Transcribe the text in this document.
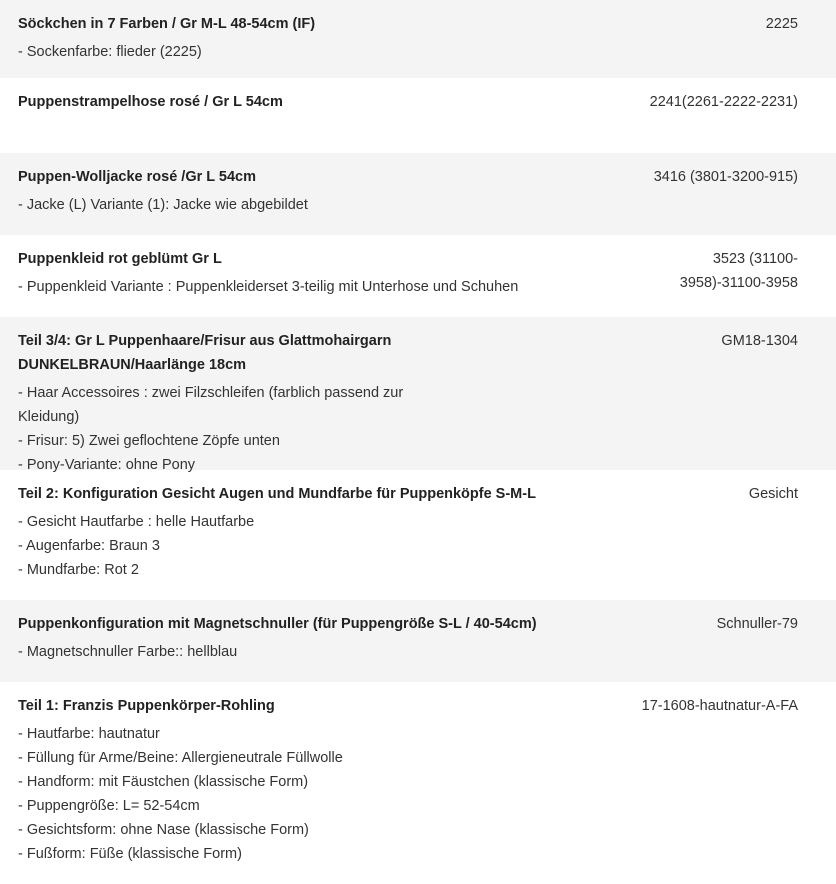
Söckchen in 7 Farben / Gr M-L 48-54cm (IF)
- Sockenfarbe: flieder (2225)
2225
Puppenstrampelhose rosé / Gr L 54cm	2241(2261-2222-2231)
Puppen-Wolljacke rosé /Gr L 54cm
- Jacke (L) Variante (1): Jacke wie abgebildet
3416 (3801-3200-915)
Puppenkleid rot geblümt Gr L
- Puppenkleid Variante : Puppenkleiderset 3-teilig mit Unterhose und Schuhen
3523 (31100-3958)-31100-3958
Teil 3/4: Gr L Puppenhaare/Frisur aus Glattmohairgarn DUNKELBRAUN/Haarlänge 18cm
- Haar Accessoires : zwei Filzschleifen (farblich passend zur Kleidung)
- Frisur: 5) Zwei geflochtene Zöpfe unten
- Pony-Variante: ohne Pony
GM18-1304
Teil 2: Konfiguration Gesicht Augen und Mundfarbe für Puppenköpfe S-M-L
- Gesicht Hautfarbe : helle Hautfarbe
- Augenfarbe: Braun 3
- Mundfarbe: Rot 2
Gesicht
Puppenkonfiguration mit Magnetschnuller (für Puppengröße S-L / 40-54cm)
- Magnetschnuller Farbe:: hellblau
Schnuller-79
Teil 1: Franzis Puppenkörper-Rohling
- Hautfarbe: hautnatur
- Füllung für Arme/Beine: Allergieneutrale Füllwolle
- Handform: mit Fäustchen (klassische Form)
- Puppengröße: L= 52-54cm
- Gesichtsform: ohne Nase (klassische Form)
- Fußform: Füße (klassische Form)
17-1608-hautnatur-A-FA
